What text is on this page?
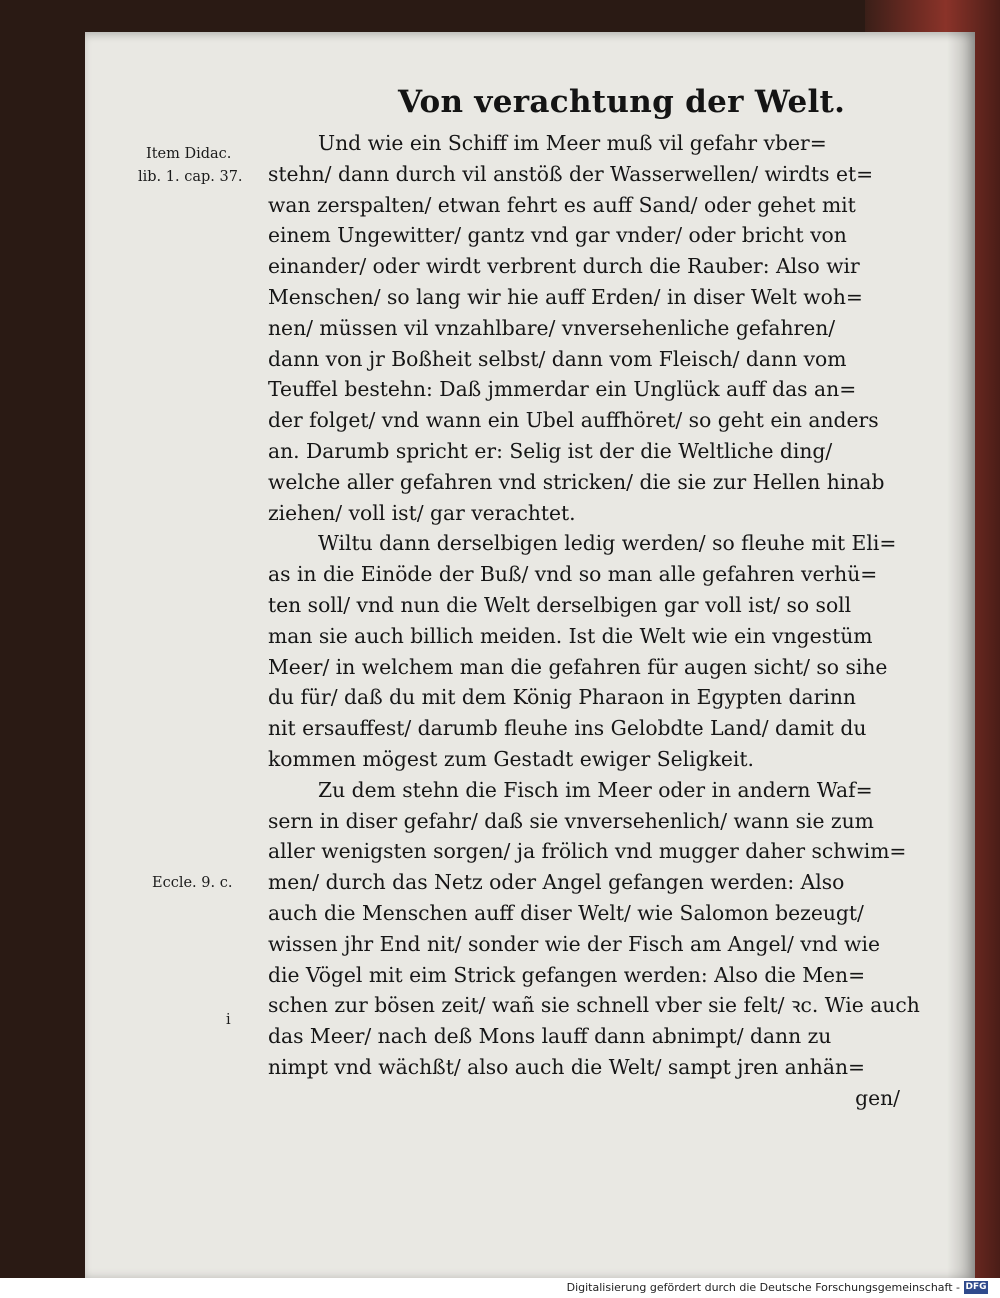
Von verachtung der Welt.
Item Didac.
lib. 1. cap. 37.
Eccle. 9. c.
i
Und wie ein Schiff im Meer muß vil gefahr vber=
stehn/ dann durch vil anstöß der Wasserwellen/ wirdts et=
wan zerspalten/ etwan fehrt es auff Sand/ oder gehet mit
einem Ungewitter/ gantz vnd gar vnder/ oder bricht von
einander/ oder wirdt verbrent durch die Rauber: Also wir
Menschen/ so lang wir hie auff Erden/ in diser Welt woh=
nen/ müssen vil vnzahlbare/ vnversehenliche gefahren/
dann von jr Boßheit selbst/ dann vom Fleisch/ dann vom
Teuffel bestehn: Daß jmmerdar ein Unglück auff das an=
der folget/ vnd wann ein Ubel auffhöret/ so geht ein anders
an. Darumb spricht er: Selig ist der die Weltliche ding/
welche aller gefahren vnd stricken/ die sie zur Hellen hinab
ziehen/ voll ist/ gar verachtet.
Wiltu dann derselbigen ledig werden/ so fleuhe mit Eli=
as in die Einöde der Buß/ vnd so man alle gefahren verhü=
ten soll/ vnd nun die Welt derselbigen gar voll ist/ so soll
man sie auch billich meiden. Ist die Welt wie ein vngestüm
Meer/ in welchem man die gefahren für augen sicht/ so sihe
du für/ daß du mit dem König Pharaon in Egypten darinn
nit ersauffest/ darumb fleuhe ins Gelobdte Land/ damit du
kommen mögest zum Gestadt ewiger Seligkeit.
Zu dem stehn die Fisch im Meer oder in andern Waf=
sern in diser gefahr/ daß sie vnversehenlich/ wann sie zum
aller wenigsten sorgen/ ja frölich vnd mugger daher schwim=
men/ durch das Netz oder Angel gefangen werden: Also
auch die Menschen auff diser Welt/ wie Salomon bezeugt/
wissen jhr End nit/ sonder wie der Fisch am Angel/ vnd wie
die Vögel mit eim Strick gefangen werden: Also die Men=
schen zur bösen zeit/ wañ sie schnell vber sie felt/ ꝛc. Wie auch
das Meer/ nach deß Mons lauff dann abnimpt/ dann zu
nimpt vnd wächßt/ also auch die Welt/ sampt jren anhän=
gen/
Digitalisierung gefördert durch die Deutsche Forschungsgemeinschaft - DFG
